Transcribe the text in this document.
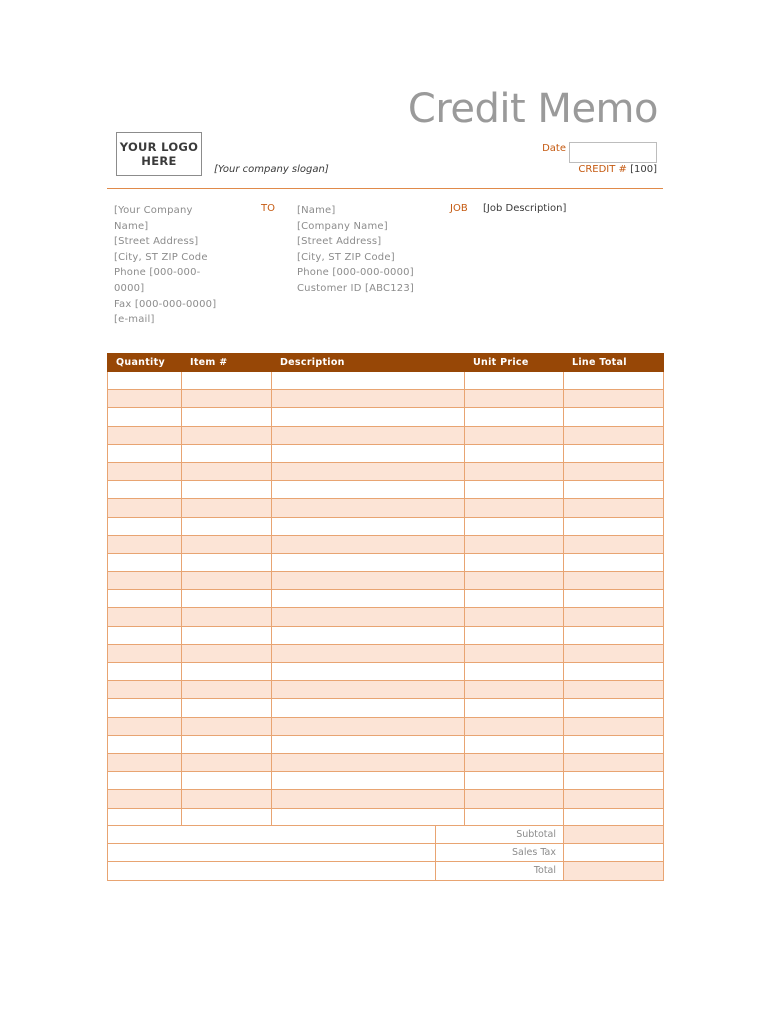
Credit Memo
YOUR LOGO
HERE
[Your company slogan]
Date
CREDIT # [100]
[Your Company
Name]
[Street Address]
[City, ST ZIP Code
Phone [000-000-
0000]
Fax [000-000-0000]
[e-mail]
TO [Name]
[Company Name]
[Street Address]
[City, ST ZIP Code]
Phone [000-000-0000]
Customer ID [ABC123]
JOB [Job Description]
Quantity	Item #	Description	Unit Price	Line Total

	Subtotal	
	Sales Tax	
	Total	
